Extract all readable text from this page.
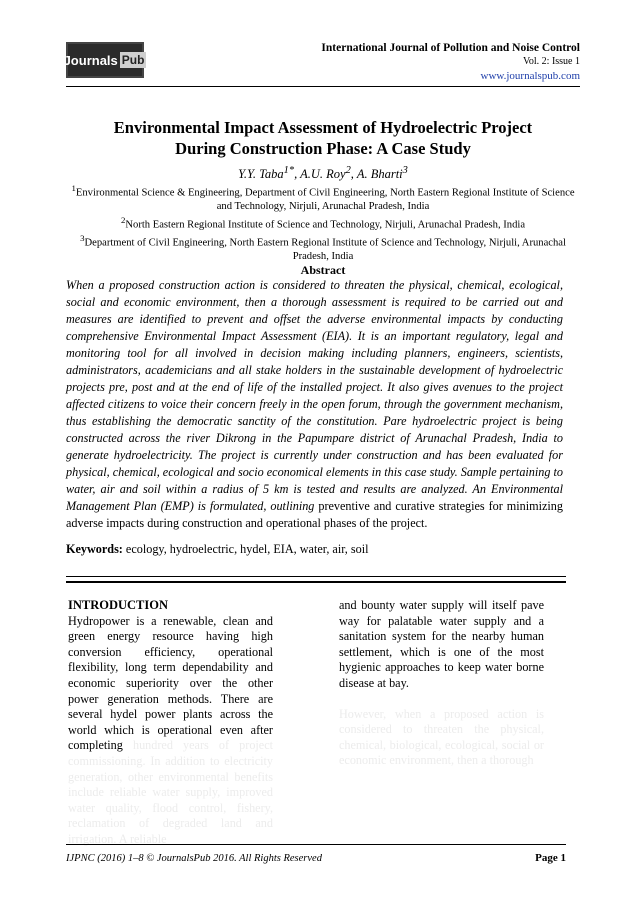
Journals Pub
International Journal of Pollution and Noise Control
Vol. 2: Issue 1
www.journalspub.com
Environmental Impact Assessment of Hydroelectric Project
During Construction Phase: A Case Study
Y.Y. Taba$^{1*}$, A.U. Roy$^2$, A. Bharti$^3$

$^1$Environmental Science & Engineering, Department of Civil Engineering, North Eastern Regional Institute of Science and Technology, Nirjuli, Arunachal Pradesh, India

$^2$North Eastern Regional Institute of Science and Technology, Nirjuli, Arunachal Pradesh, India

$^3$Department of Civil Engineering, North Eastern Regional Institute of Science and Technology, Nirjuli, Arunachal Pradesh, India

Abstract

When a proposed construction action is considered to threaten the physical, chemical, ecological, social and economic environment, then a thorough assessment is required to be carried out and measures are identified to prevent and offset the adverse environmental impacts by conducting comprehensive Environmental Impact Assessment (EIA). It is an important regulatory, legal and monitoring tool for all involved in decision making including planners, engineers, scientists, administrators, academicians and all stake holders in the sustainable development of hydroelectric projects pre, post and at the end of life of the installed project. It also gives avenues to the project affected citizens to voice their concern freely in the open forum, through the government mechanism, thus establishing the democratic sanctity of the constitution. Pare hydroelectric project is being constructed across the river Dikrong in the Papumpare district of Arunachal Pradesh, India to generate hydroelectricity. The project is currently under construction and has been evaluated for physical, chemical, ecological and socio economical elements in this case study. Sample pertaining to water, air and soil within a radius of 5 km is tested and results are analyzed. An Environmental Management Plan (EMP) is formulated, outlining preventive and curative strategies for minimizing adverse impacts during construction and operational phases of the project.

Keywords: ecology, hydroelectric, hydel, EIA, water, air, soil
INTRODUCTION

Hydropower is a renewable, clean and green energy resource having high conversion efficiency, operational flexibility, long term dependability and economic superiority over the other power generation methods. There are several hydel power plants across the world which is operational even after completing hundred years of project commissioning. In addition to electricity generation, other environmental benefits include reliable water supply, improved water quality, flood control, fishery, reclamation of degraded land and irrigation. A reliable

and bounty water supply will itself pave way for palatable water supply and a sanitation system for the nearby human settlement, which is one of the most hygienic approaches to keep water borne disease at bay.

However, when a proposed action is considered to threaten the physical, chemical, biological, ecological, social or economic environment, then a thorough

IJPNC (2016) 1–8 © JournalsPub 2016. All Rights Reserved	Page 1
